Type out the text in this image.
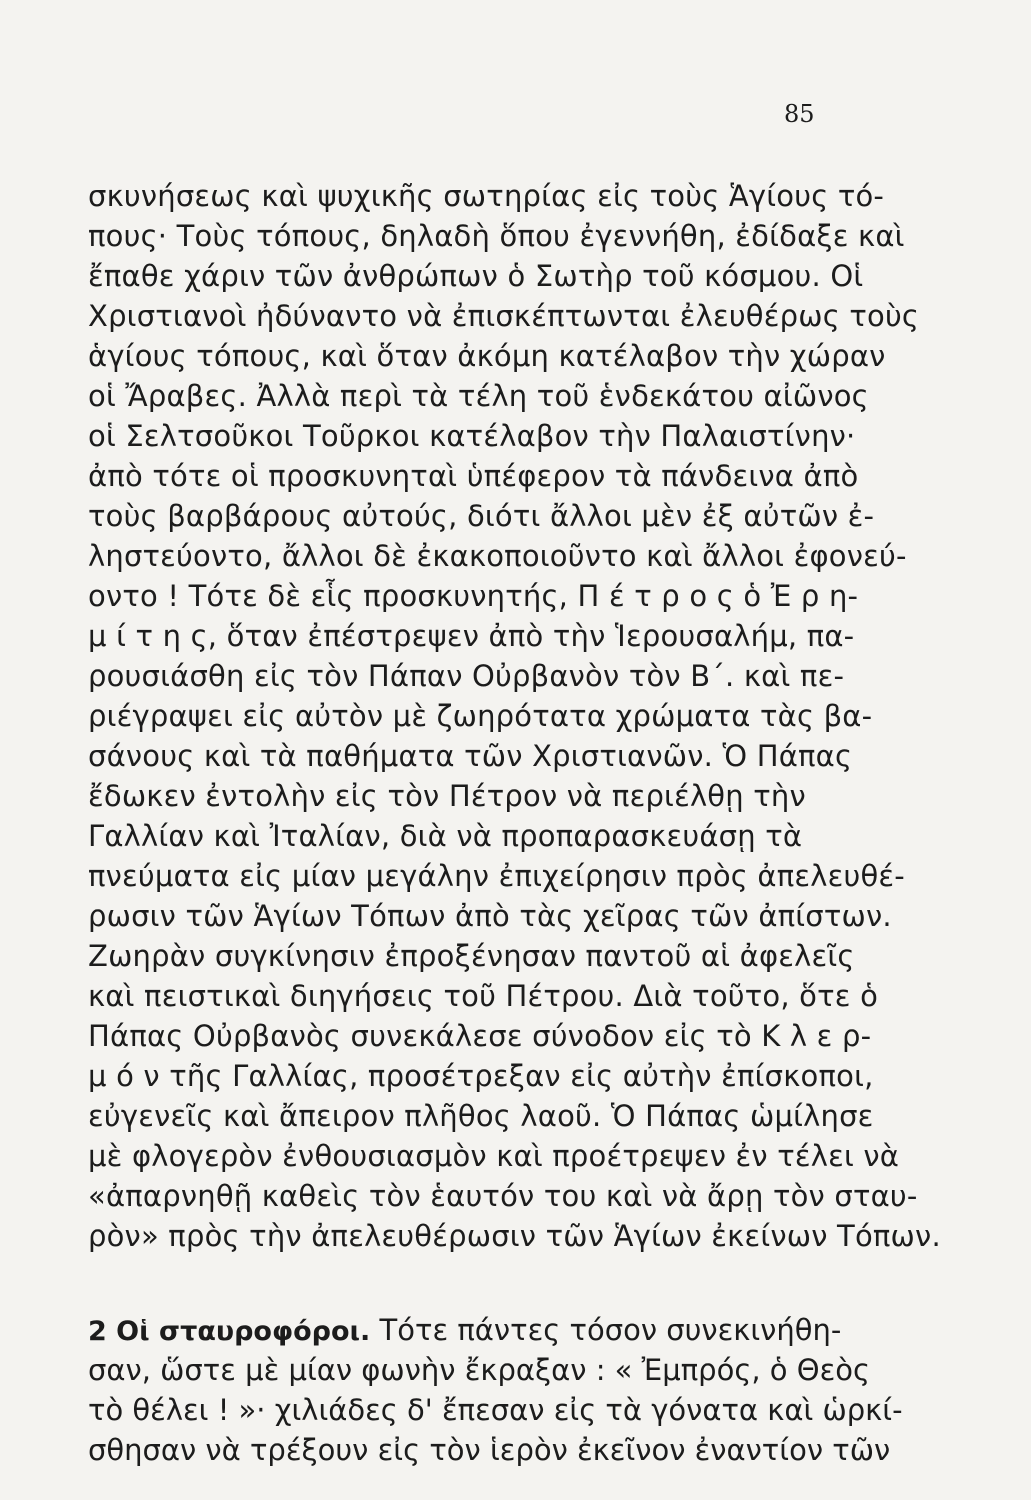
85
σκυνήσεως καὶ ψυχικῆς σωτηρίας εἰς τοὺς Ἁγίους τό-
πους· Τοὺς τόπους, δηλαδὴ ὅπου ἐγεννήθη, ἐδίδαξε καὶ
ἔπαθε χάριν τῶν ἀνθρώπων ὁ Σωτὴρ τοῦ κόσμου. Οἱ
Χριστιανοὶ ἠδύναντο νὰ ἐπισκέπτωνται ἐλευθέρως τοὺς
ἁγίους τόπους, καὶ ὅταν ἀκόμη κατέλαβον τὴν χώραν
οἱ Ἄραβες. Ἀλλὰ περὶ τὰ τέλη τοῦ ἑνδεκάτου αἰῶνος
οἱ Σελτσοῦκοι Τοῦρκοι κατέλαβον τὴν Παλαιστίνην·
ἀπὸ τότε οἱ προσκυνηταὶ ὑπέφερον τὰ πάνδεινα ἀπὸ
τοὺς βαρβάρους αὐτούς, διότι ἄλλοι μὲν ἐξ αὐτῶν ἐ-
ληστεύοντο, ἄλλοι δὲ ἐκακοποιοῦντο καὶ ἄλλοι ἐφονεύ-
οντο ! Τότε δὲ εἷς προσκυνητής, Π έ τ ρ ο ς ὁ Ἐ ρ η-
μ ί τ η ς, ὅταν ἐπέστρεψεν ἀπὸ τὴν Ἱερουσαλήμ, πα-
ρουσιάσθη εἰς τὸν Πάπαν Οὐρβανὸν τὸν Β΄. καὶ πε-
ριέγραψει εἰς αὐτὸν μὲ ζωηρότατα χρώματα τὰς βα-
σάνους καὶ τὰ παθήματα τῶν Χριστιανῶν. Ὁ Πάπας
ἔδωκεν ἐντολὴν εἰς τὸν Πέτρον νὰ περιέλθῃ τὴν
Γαλλίαν καὶ Ἰταλίαν, διὰ νὰ προπαρασκευάσῃ τὰ
πνεύματα εἰς μίαν μεγάλην ἐπιχείρησιν πρὸς ἀπελευθέ-
ρωσιν τῶν Ἁγίων Τόπων ἀπὸ τὰς χεῖρας τῶν ἀπίστων.
Ζωηρὰν συγκίνησιν ἐπροξένησαν παντοῦ αἱ ἀφελεῖς
καὶ πειστικαὶ διηγήσεις τοῦ Πέτρου. Διὰ τοῦτο, ὅτε ὁ
Πάπας Οὐρβανὸς συνεκάλεσε σύνοδον εἰς τὸ Κ λ ε ρ-
μ ό ν τῆς Γαλλίας, προσέτρεξαν εἰς αὐτὴν ἐπίσκοποι,
εὐγενεῖς καὶ ἄπειρον πλῆθος λαοῦ. Ὁ Πάπας ὡμίλησε
μὲ φλογερὸν ἐνθουσιασμὸν καὶ προέτρεψεν ἐν τέλει νὰ
«ἀπαρνηθῇ καθεὶς τὸν ἑαυτόν του καὶ νὰ ἄρῃ τὸν σταυ-
ρὸν» πρὸς τὴν ἀπελευθέρωσιν τῶν Ἁγίων ἐκείνων Τόπων.
2 Οἱ σταυροφόροι. Τότε πάντες τόσον συνεκινήθη-
σαν, ὥστε μὲ μίαν φωνὴν ἔκραξαν : « Ἐμπρός, ὁ Θεὸς
τὸ θέλει ! »· χιλιάδες δ' ἔπεσαν εἰς τὰ γόνατα καὶ ὡρκί-
σθησαν νὰ τρέξουν εἰς τὸν ἱερὸν ἐκεῖνον ἐναντίον τῶν
